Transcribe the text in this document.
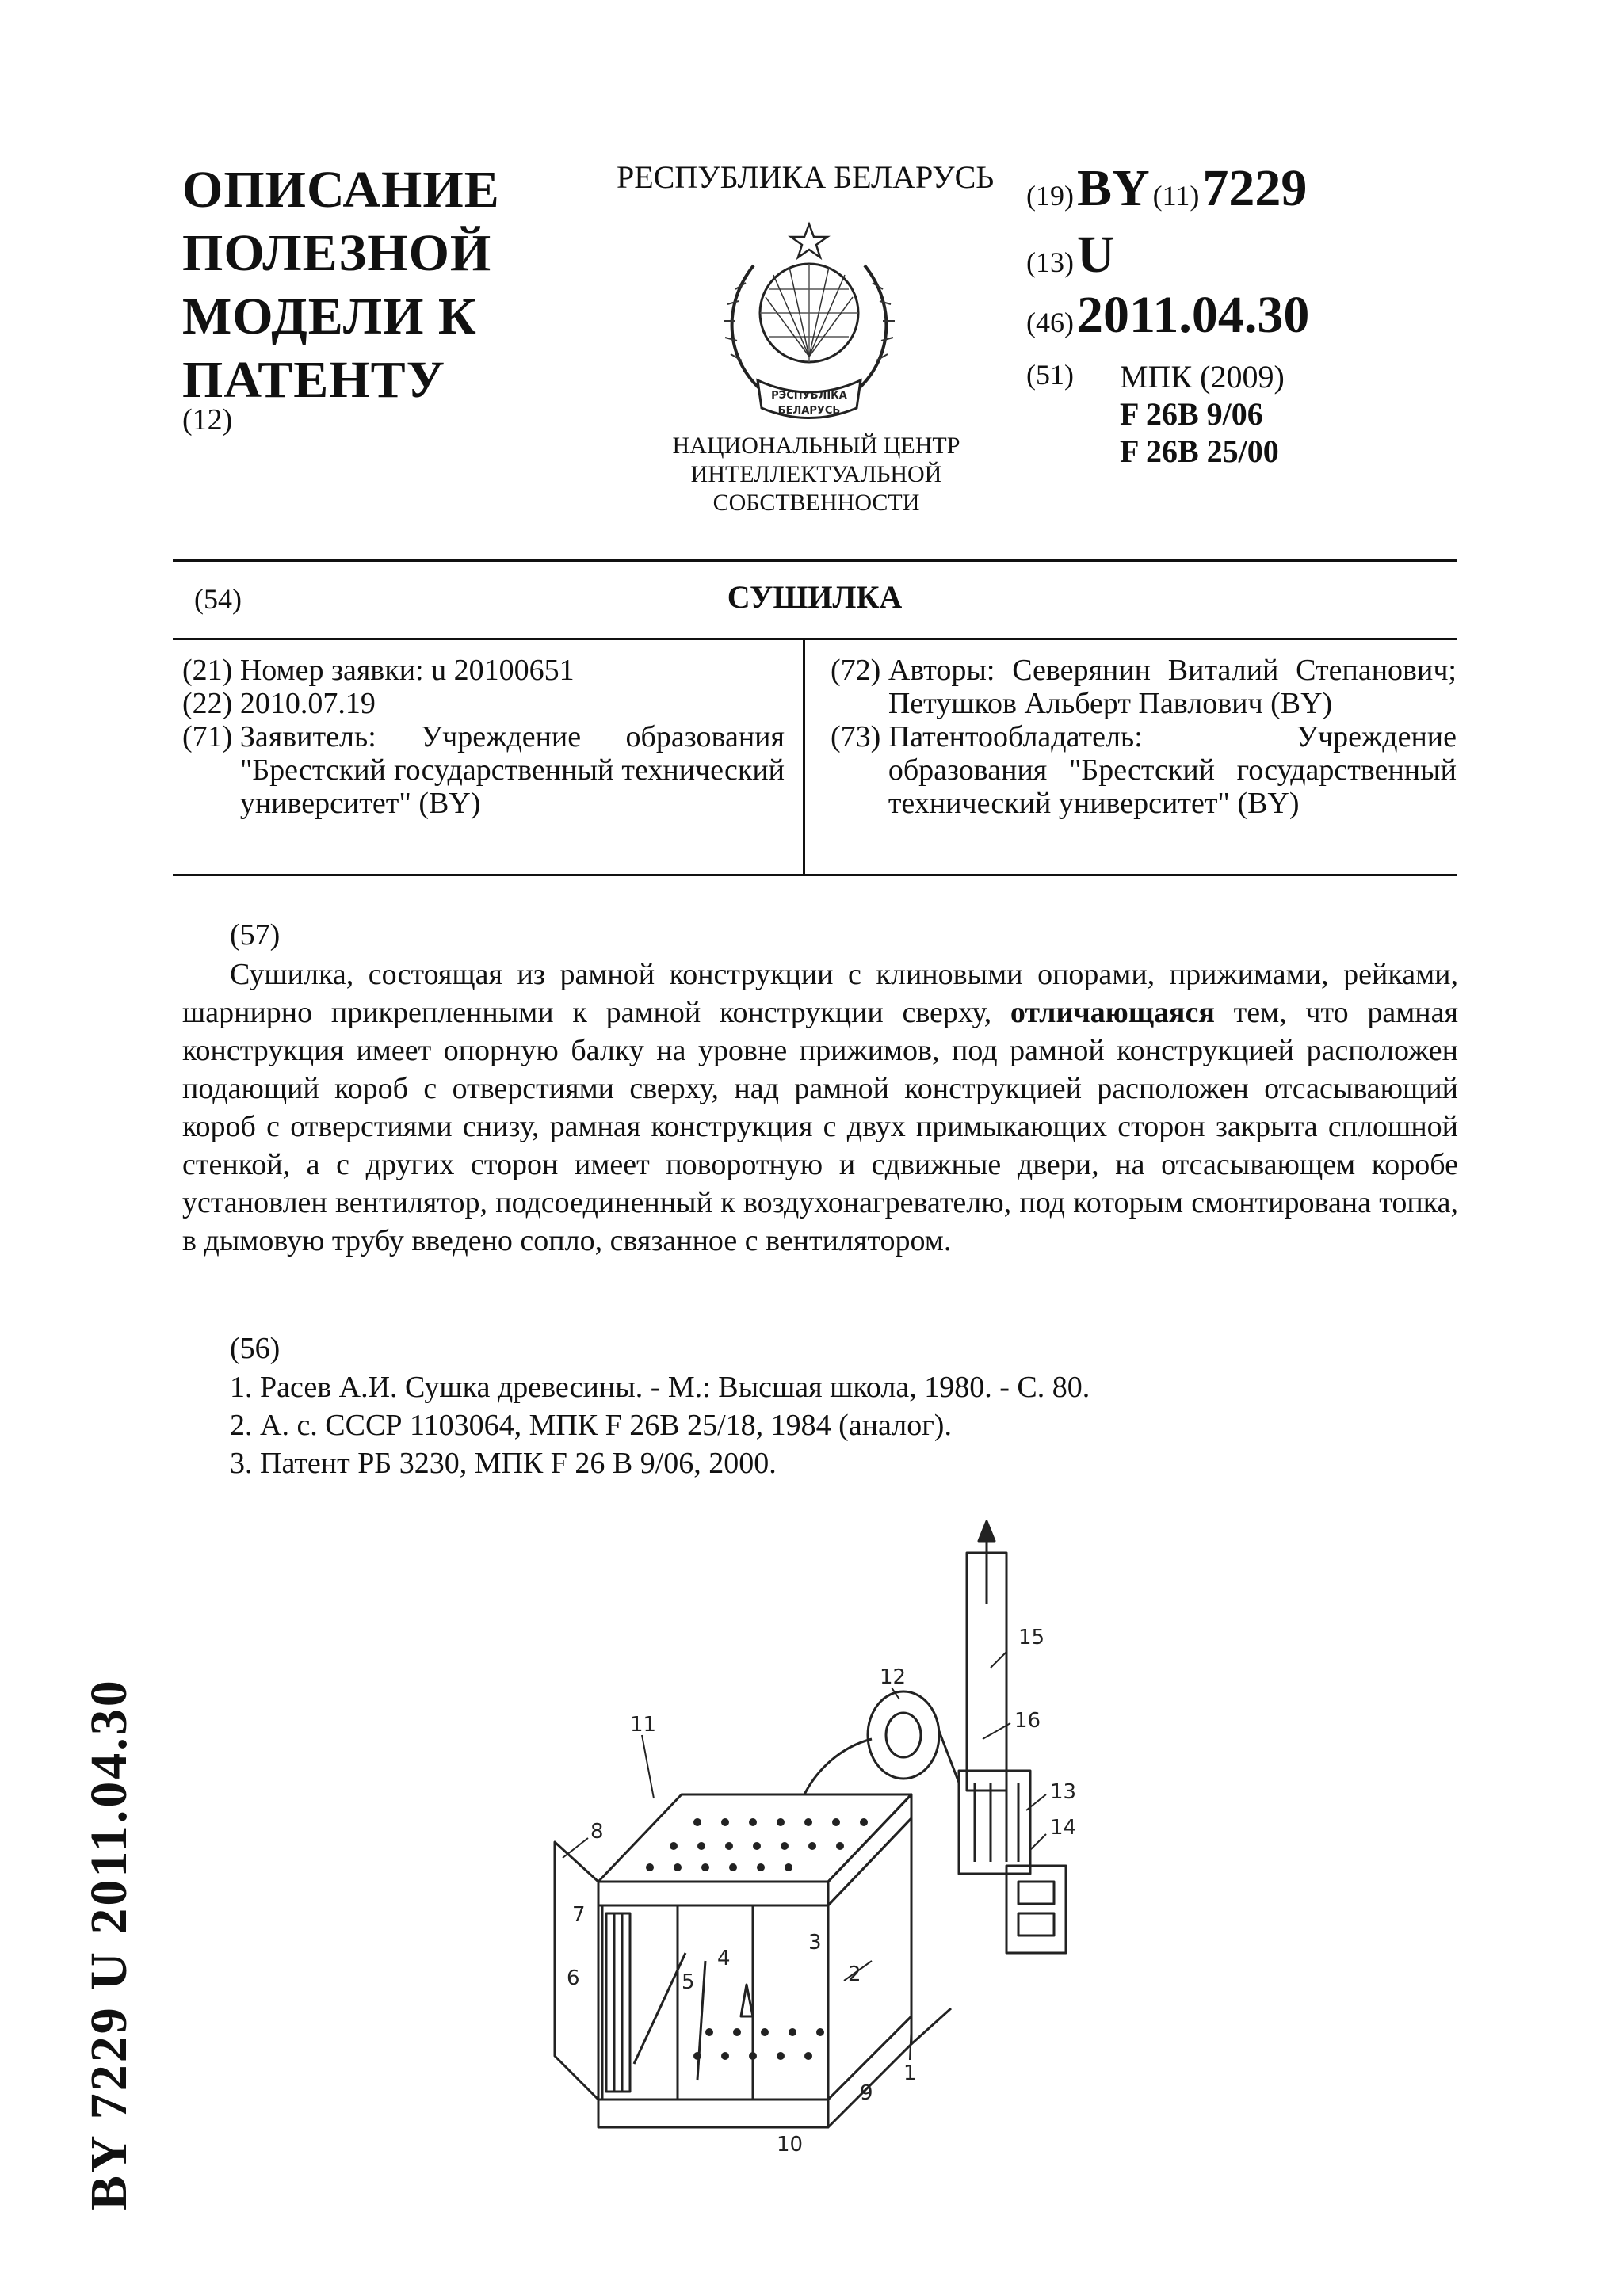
ОПИСАНИЕ
ПОЛЕЗНОЙ
МОДЕЛИ К
ПАТЕНТУ
(12)
РЕСПУБЛИКА БЕЛАРУСЬ
РЭСПУБЛІКА
БЕЛАРУСЬ
НАЦИОНАЛЬНЫЙ ЦЕНТР
ИНТЕЛЛЕКТУАЛЬНОЙ
СОБСТВЕННОСТИ
(19) BY (11) 7229
(13) U
(46) 2011.04.30
(51) МПК (2009)
F 26B 9/06
F 26B 25/00
(54)	СУШИЛКА
(21) Номер заявки: u 20100651
(22) 2010.07.19
(71) Заявитель: Учреждение образования "Брестский государственный технический университет" (BY)
(72) Авторы: Северянин Виталий Степанович; Петушков Альберт Павлович (BY)
(73) Патентообладатель: Учреждение образования "Брестский государственный технический университет" (BY)
(57)
Сушилка, состоящая из рамной конструкции с клиновыми опорами, прижимами, рейками, шарнирно прикрепленными к рамной конструкции сверху, отличающаяся тем, что рамная конструкция имеет опорную балку на уровне прижимов, под рамной конструкцией расположен подающий короб с отверстиями сверху, над рамной конструкцией расположен отсасывающий короб с отверстиями снизу, рамная конструкция с двух примыкающих сторон закрыта сплошной стенкой, а с других сторон имеет поворотную и сдвижные двери, на отсасывающем коробе установлен вентилятор, подсоединенный к воздухонагревателю, под которым смонтирована топка, в дымовую трубу введено сопло, связанное с вентилятором.
(56)
1. Расев А.И. Сушка древесины. - М.: Высшая школа, 1980. - С. 80.
2. А. с. СССР 1103064, МПК F 26B 25/18, 1984 (аналог).
3. Патент РБ 3230, МПК F 26 B 9/06, 2000.
BY 7229 U 2011.04.30
15
12
16
13
14
11
8
7
6	5
4
3
2
1
9
10
